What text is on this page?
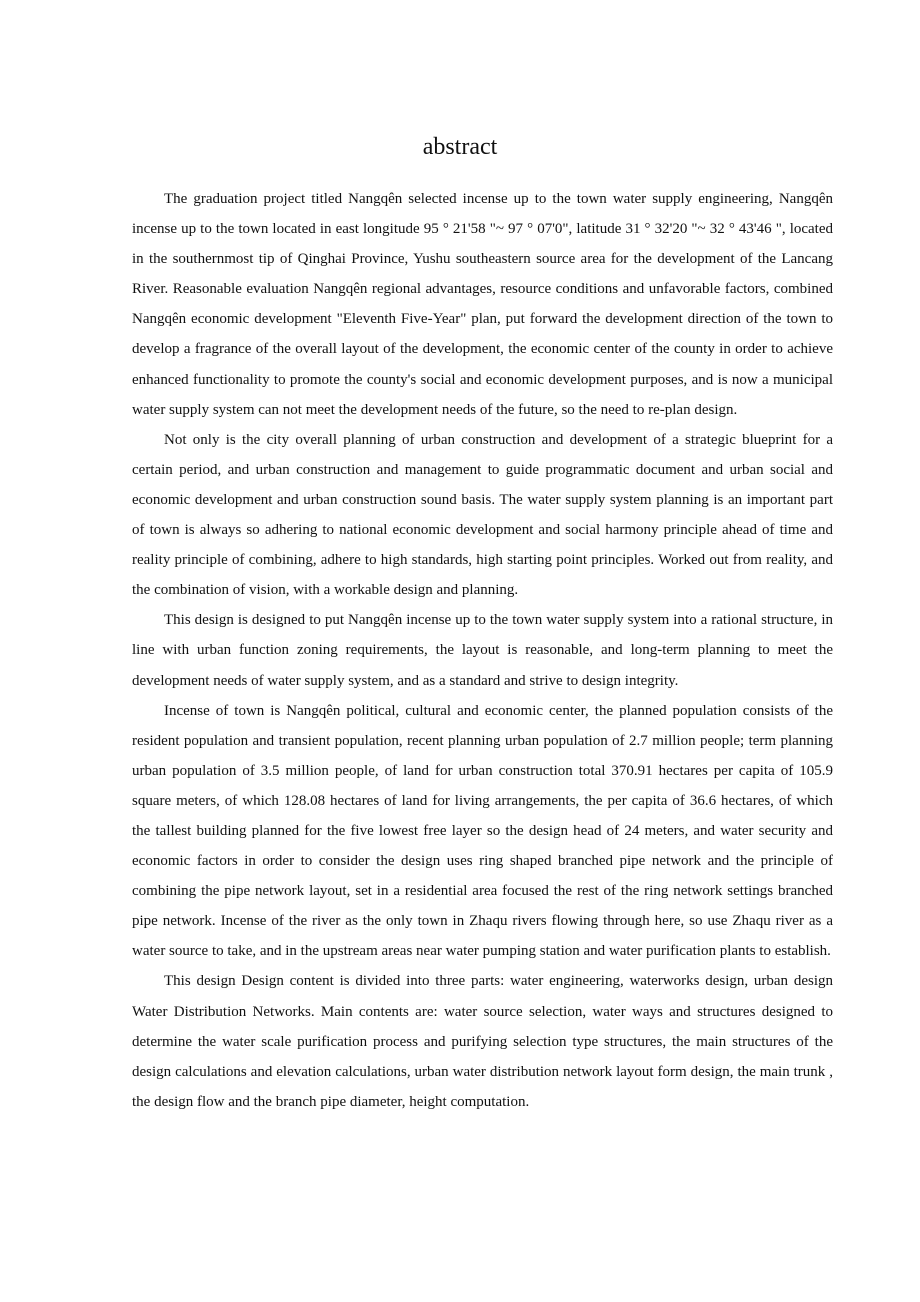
abstract

The graduation project titled Nangqên selected incense up to the town water supply engineering, Nangqên incense up to the town located in east longitude 95 ° 21'58 "~ 97 ° 07'0", latitude 31 ° 32'20 "~ 32 ° 43'46 ", located in the southernmost tip of Qinghai Province, Yushu southeastern source area for the development of the Lancang River. Reasonable evaluation Nangqên regional advantages, resource conditions and unfavorable factors, combined Nangqên economic development "Eleventh Five-Year" plan, put forward the development direction of the town to develop a fragrance of the overall layout of the development, the economic center of the county in order to achieve enhanced functionality to promote the county's social and economic development purposes, and is now a municipal water supply system can not meet the development needs of the future, so the need to re-plan design.

Not only is the city overall planning of urban construction and development of a strategic blueprint for a certain period, and urban construction and management to guide programmatic document and urban social and economic development and urban construction sound basis. The water supply system planning is an important part of town is always so adhering to national economic development and social harmony principle ahead of time and reality principle of combining, adhere to high standards, high starting point principles. Worked out from reality, and the combination of vision, with a workable design and planning.

This design is designed to put Nangqên incense up to the town water supply system into a rational structure, in line with urban function zoning requirements, the layout is reasonable, and long-term planning to meet the development needs of water supply system, and as a standard and strive to design integrity.

Incense of town is Nangqên political, cultural and economic center, the planned population consists of the resident population and transient population, recent planning urban population of 2.7 million people; term planning urban population of 3.5 million people, of land for urban construction total 370.91 hectares per capita of 105.9 square meters, of which 128.08 hectares of land for living arrangements, the per capita of 36.6 hectares, of which the tallest building planned for the five lowest free layer so the design head of 24 meters, and water security and economic factors in order to consider the design uses ring shaped branched pipe network and the principle of combining the pipe network layout, set in a residential area focused the rest of the ring network settings branched pipe network. Incense of the river as the only town in Zhaqu rivers flowing through here, so use Zhaqu river as a water source to take, and in the upstream areas near water pumping station and water purification plants to establish.

This design Design content is divided into three parts: water engineering, waterworks design, urban design Water Distribution Networks. Main contents are: water source selection, water ways and structures designed to determine the water scale purification process and purifying selection type structures, the main structures of the design calculations and elevation calculations, urban water distribution network layout form design, the main trunk , the design flow and the branch pipe diameter, height computation.
